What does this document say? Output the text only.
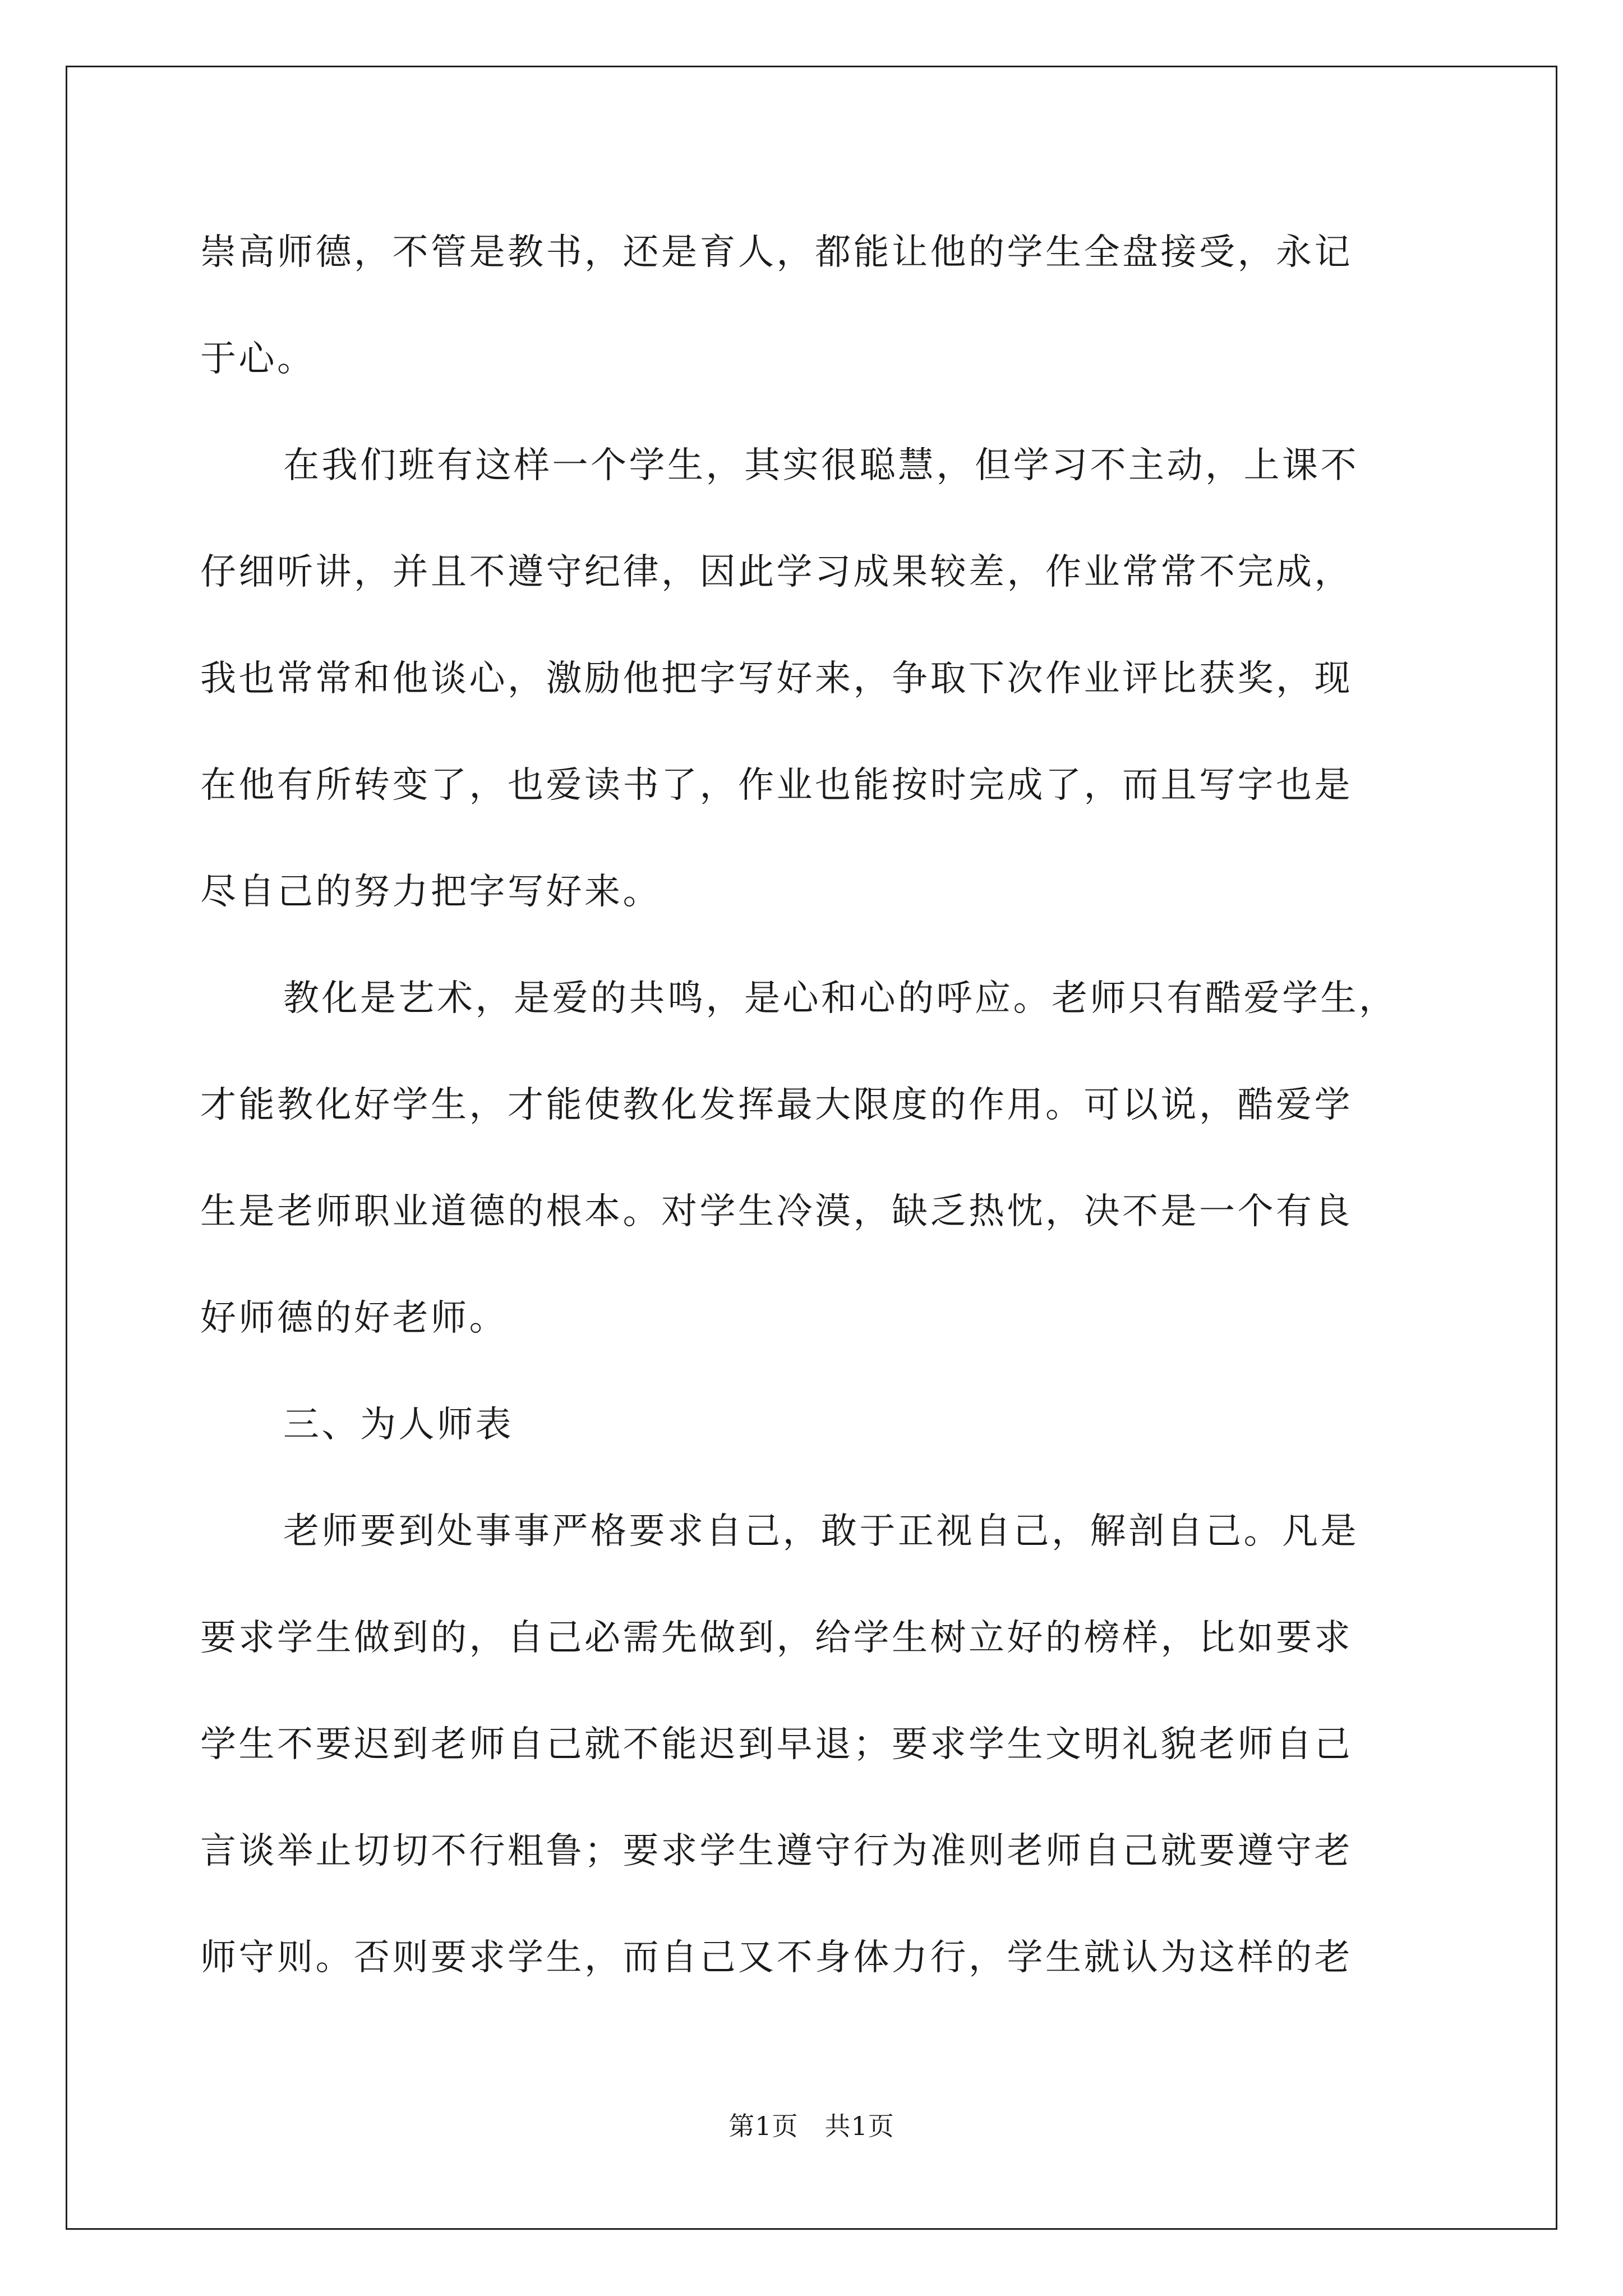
崇高师德，不管是教书，还是育人，都能让他的学生全盘接受，永记
于心。
在我们班有这样一个学生，其实很聪慧，但学习不主动，上课不
仔细听讲，并且不遵守纪律，因此学习成果较差，作业常常不完成，
我也常常和他谈心，激励他把字写好来，争取下次作业评比获奖，现
在他有所转变了，也爱读书了，作业也能按时完成了，而且写字也是
尽自己的努力把字写好来。
教化是艺术，是爱的共鸣，是心和心的呼应。老师只有酷爱学生，
才能教化好学生，才能使教化发挥最大限度的作用。可以说，酷爱学
生是老师职业道德的根本。对学生冷漠，缺乏热忱，决不是一个有良
好师德的好老师。
三、为人师表
老师要到处事事严格要求自己，敢于正视自己，解剖自己。凡是
要求学生做到的，自己必需先做到，给学生树立好的榜样，比如要求
学生不要迟到老师自己就不能迟到早退；要求学生文明礼貌老师自己
言谈举止切切不行粗鲁；要求学生遵守行为准则老师自己就要遵守老
师守则。否则要求学生，而自己又不身体力行，学生就认为这样的老
第1页　共1页
